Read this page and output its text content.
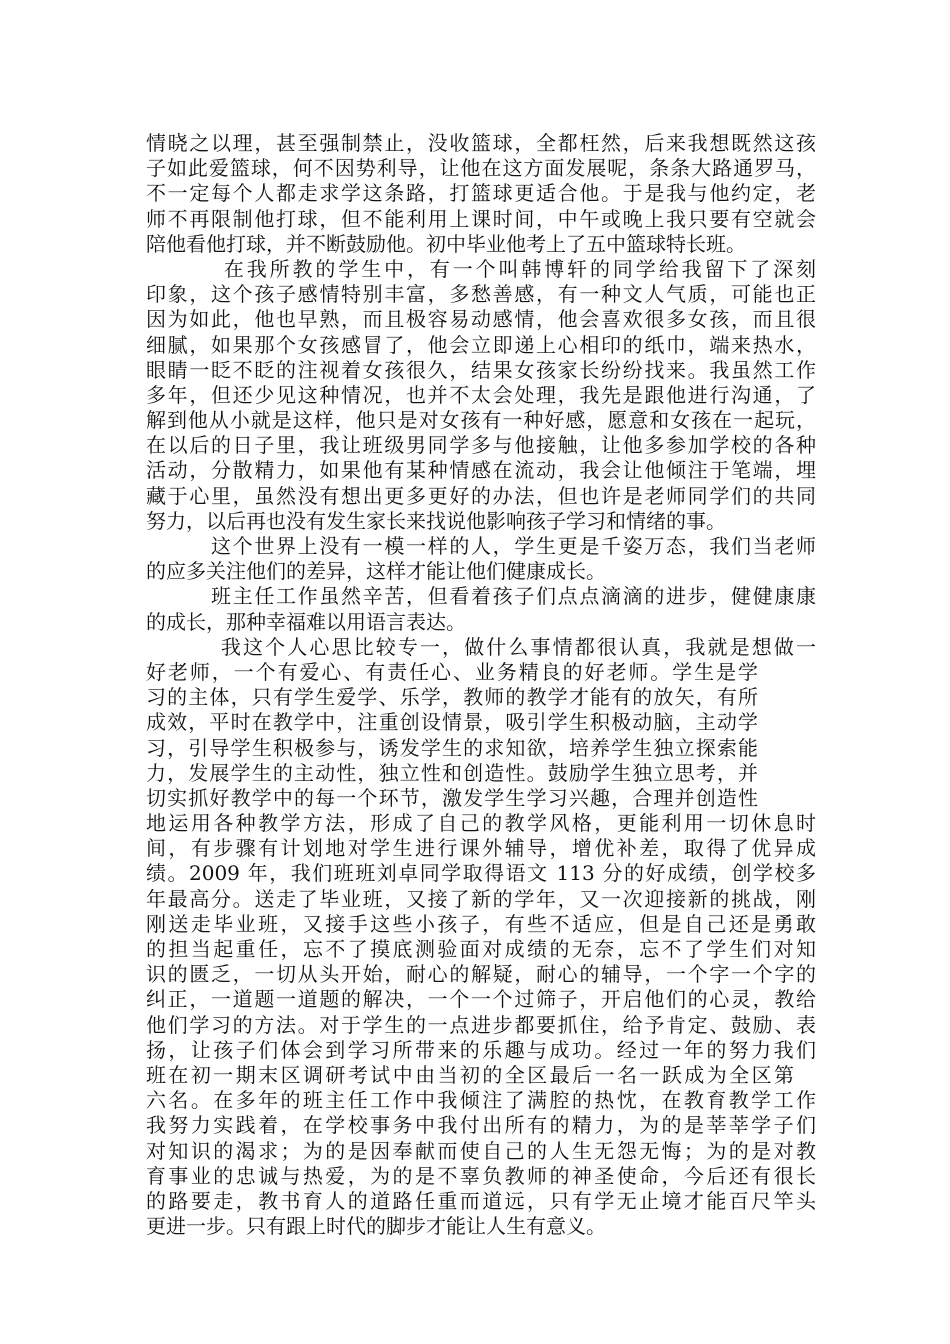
情晓之以理，甚至强制禁止，没收篮球，全都枉然，后来我想既然这孩
子如此爱篮球，何不因势利导，让他在这方面发展呢，条条大路通罗马，
不一定每个人都走求学这条路，打篮球更适合他。于是我与他约定，老
师不再限制他打球，但不能利用上课时间，中午或晚上我只要有空就会
陪他看他打球，并不断鼓励他。初中毕业他考上了五中篮球特长班。
　　　 在我所教的学生中，有一个叫韩博轩的同学给我留下了深刻
印象，这个孩子感情特别丰富，多愁善感，有一种文人气质，可能也正
因为如此，他也早熟，而且极容易动感情，他会喜欢很多女孩，而且很
细腻，如果那个女孩感冒了，他会立即递上心相印的纸巾，端来热水，
眼睛一眨不眨的注视着女孩很久，结果女孩家长纷纷找来。我虽然工作
多年，但还少见这种情况，也并不太会处理，我先是跟他进行沟通，了
解到他从小就是这样，他只是对女孩有一种好感，愿意和女孩在一起玩，
在以后的日子里，我让班级男同学多与他接触，让他多参加学校的各种
活动，分散精力，如果他有某种情感在流动，我会让他倾注于笔端，埋
藏于心里，虽然没有想出更多更好的办法，但也许是老师同学们的共同
努力，以后再也没有发生家长来找说他影响孩子学习和情绪的事。
　　　这个世界上没有一模一样的人，学生更是千姿万态，我们当老师
的应多关注他们的差异，这样才能让他们健康成长。
　　　班主任工作虽然辛苦，但看着孩子们点点滴滴的进步，健健康康
的成长，那种幸福难以用语言表达。
　　　 我这个人心思比较专一，做什么事情都很认真，我就是想做一
好老师，一个有爱心、有责任心、业务精良的好老师。学生是学
习的主体，只有学生爱学、乐学，教师的教学才能有的放矢，有所
成效，平时在教学中，注重创设情景，吸引学生积极动脑，主动学
习，引导学生积极参与，诱发学生的求知欲，培养学生独立探索能
力，发展学生的主动性，独立性和创造性。鼓励学生独立思考，并
切实抓好教学中的每一个环节，激发学生学习兴趣，合理并创造性
地运用各种教学方法，形成了自己的教学风格，更能利用一切休息时
间，有步骤有计划地对学生进行课外辅导，增优补差，取得了优异成
绩。2009 年，我们班班刘卓同学取得语文 113 分的好成绩，创学校多
年最高分。送走了毕业班，又接了新的学年，又一次迎接新的挑战，刚
刚送走毕业班，又接手这些小孩子，有些不适应，但是自己还是勇敢
的担当起重任，忘不了摸底测验面对成绩的无奈，忘不了学生们对知
识的匮乏，一切从头开始，耐心的解疑，耐心的辅导，一个字一个字的
纠正，一道题一道题的解决，一个一个过筛子，开启他们的心灵，教给
他们学习的方法。对于学生的一点进步都要抓住，给予肯定、鼓励、表
扬，让孩子们体会到学习所带来的乐趣与成功。经过一年的努力我们
班在初一期末区调研考试中由当初的全区最后一名一跃成为全区第
六名。在多年的班主任工作中我倾注了满腔的热忱，在教育教学工作
我努力实践着，在学校事务中我付出所有的精力，为的是莘莘学子们
对知识的渴求；为的是因奉献而使自己的人生无怨无悔；为的是对教
育事业的忠诚与热爱，为的是不辜负教师的神圣使命，今后还有很长
的路要走，教书育人的道路任重而道远，只有学无止境才能百尺竿头
更进一步。只有跟上时代的脚步才能让人生有意义。
